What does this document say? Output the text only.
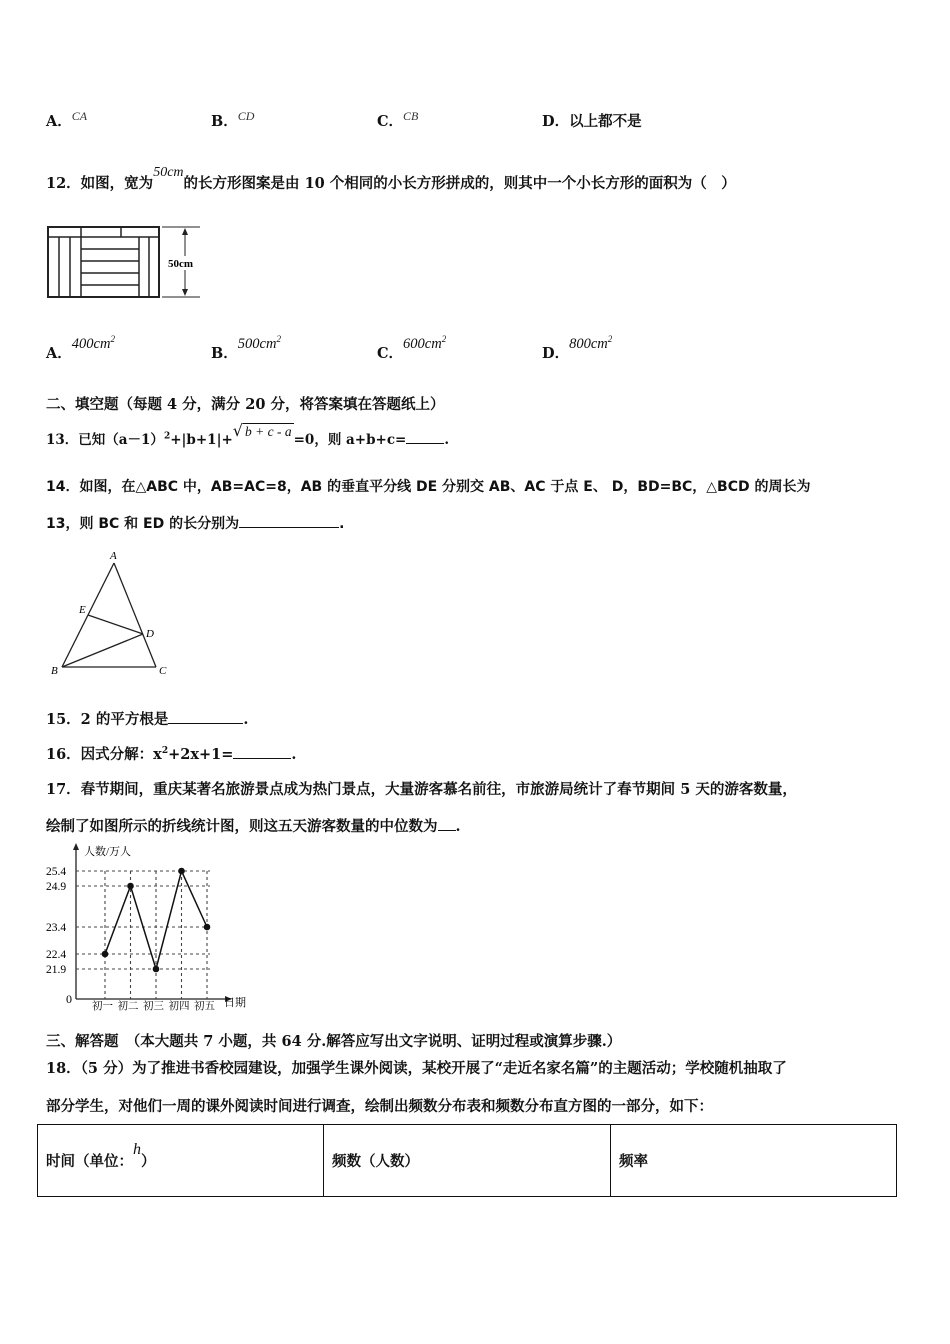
A．$^{CA}$	B．$^{CD}$	C．$^{CB}$	D．以上都不是
12．如图，宽为50cm的长方形图案是由 10 个相同的小长方形拼成的，则其中一个小长方形的面积为（　）
50cm
A．$400cm^2$
B．$500cm^2$
C．$600cm^2$
D．$800cm^2$
二、填空题（每题 4 分，满分 20 分，将答案填在答题纸上）
13．已知$(a-1)^2+|b+1|+√$ b + c - a=0，则 a+b+c=	.
14．如图，在△ABC 中，AB=AC=8，AB 的垂直平分线 DE 分别交 AB、AC 于点 E、 D，BD=BC，△BCD 的周长为
13，则 BC 和 ED 的长分别为	.
A
B	C
D
E
15．2 的平方根是	.
16．因式分解：$x^2+2x+1=$	.
17．春节期间，重庆某著名旅游景点成为热门景点，大量游客慕名前往，市旅游局统计了春节期间 5 天的游客数量，
绘制了如图所示的折线统计图，则这五天游客数量的中位数为 .
人数/万人
日期
0
21.9
22.4
23.4
24.9
25.4
初一 初二 初三 初四 初五
三、解答题　（本大题共 7 小题，共 64 分.解答应写出文字说明、证明过程或演算步骤.）
18．（5 分）为了推进书香校园建设，加强学生课外阅读，某校开展了“走近名家名篇”的主题活动；学校随机抽取了
部分学生，对他们一周的课外阅读时间进行调查，绘制出频数分布表和频数分布直方图的一部分，如下：
时间（单位：h）	频数（人数）	频率
